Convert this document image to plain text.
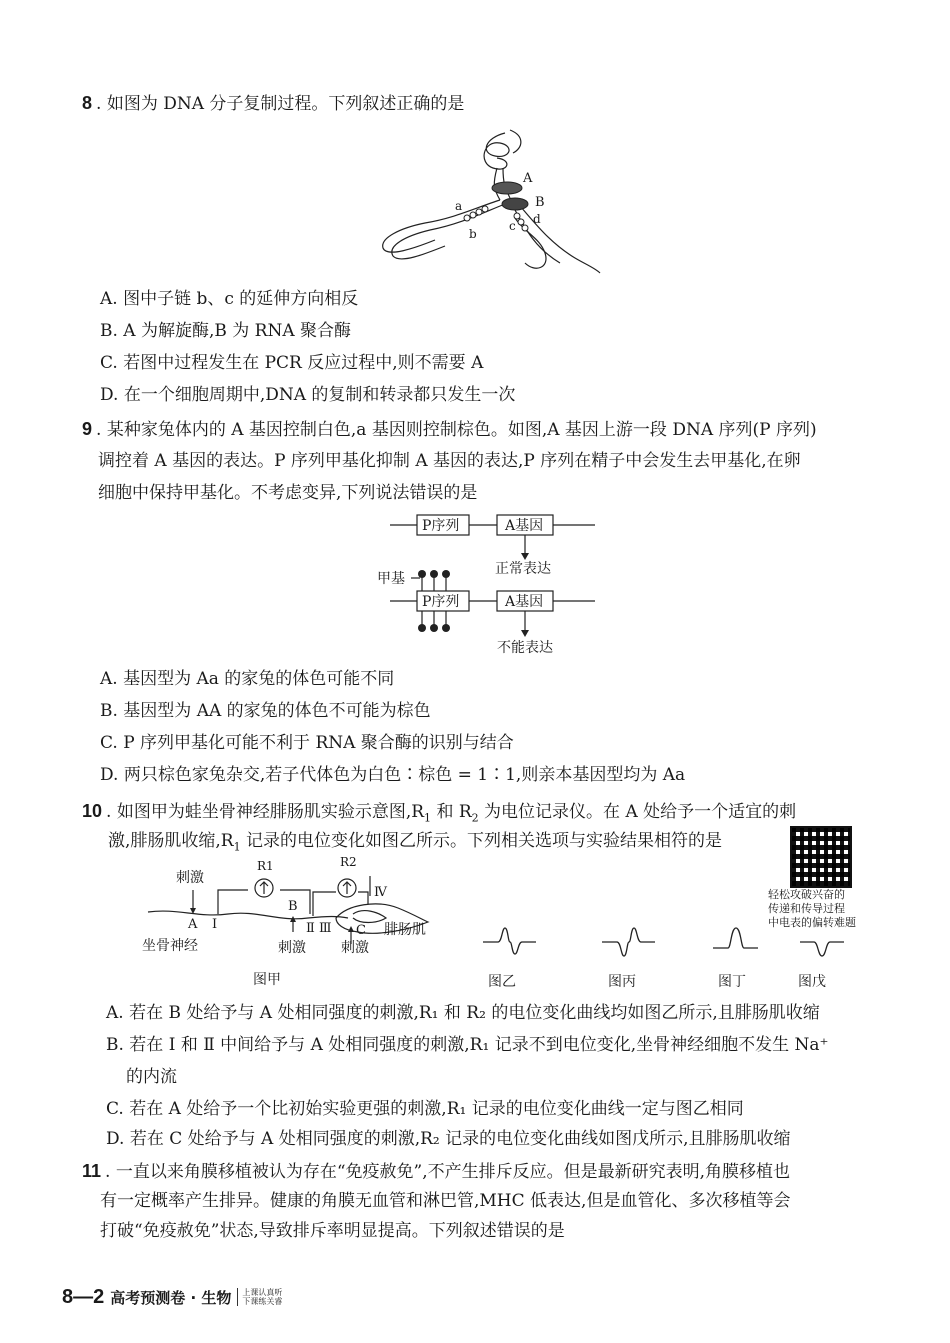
8 . 如图为 DNA 分子复制过程。下列叙述正确的是
A
B
a
b
c d
A. 图中子链 b、c 的延伸方向相反
B. A 为解旋酶,B 为 RNA 聚合酶
C. 若图中过程发生在 PCR 反应过程中,则不需要 A
D. 在一个细胞周期中,DNA 的复制和转录都只发生一次
9 . 某种家兔体内的 A 基因控制白色,a 基因则控制棕色。如图,A 基因上游一段 DNA 序列(P 序列)
调控着 A 基因的表达。P 序列甲基化抑制 A 基因的表达,P 序列在精子中会发生去甲基化,在卵
细胞中保持甲基化。不考虑变异,下列说法错误的是
P序列	A基因
正常表达
甲基
P序列	A基因
不能表达
A. 基因型为 Aa 的家兔的体色可能不同
B. 基因型为 AA 的家兔的体色不可能为棕色
C. P 序列甲基化可能不利于 RNA 聚合酶的识别与结合
D. 两只棕色家兔杂交,若子代体色为白色∶棕色 = 1∶1,则亲本基因型均为 Aa
10 . 如图甲为蛙坐骨神经腓肠肌实验示意图$,R_1$ 和 $R_2$ 为电位记录仪。在 A 处给予一个适宜的刺
激,腓肠肌收缩$,R_1$ 记录的电位变化如图乙所示。下列相关选项与实验结果相符的是
轻松攻破兴奋的
传递和传导过程
中电表的偏转难题
刺激
R1	R2
A Ⅰ
B
Ⅱ Ⅲ
Ⅳ
C
坐骨神经
腓肠肌
刺激	刺激
图甲	图乙	图丙	图丁	图戊
A. 若在 B 处给予与 A 处相同强度的刺激,R₁ 和 R₂ 的电位变化曲线均如图乙所示,且腓肠肌收缩
B. 若在 Ⅰ 和 Ⅱ 中间给予与 A 处相同强度的刺激,R₁ 记录不到电位变化,坐骨神经细胞不发生 Na⁺
的内流
C. 若在 A 处给予一个比初始实验更强的刺激,R₁ 记录的电位变化曲线一定与图乙相同
D. 若在 C 处给予与 A 处相同强度的刺激,R₂ 记录的电位变化曲线如图戊所示,且腓肠肌收缩
11 . 一直以来角膜移植被认为存在“免疫赦免”,不产生排斥反应。但是最新研究表明,角膜移植也
有一定概率产生排异。健康的角膜无血管和淋巴管,MHC 低表达,但是血管化、多次移植等会
打破“免疫赦免”状态,导致排斥率明显提高。下列叙述错误的是
8—2 高考预测卷 · 生物	上课认真听
下课练关睿
